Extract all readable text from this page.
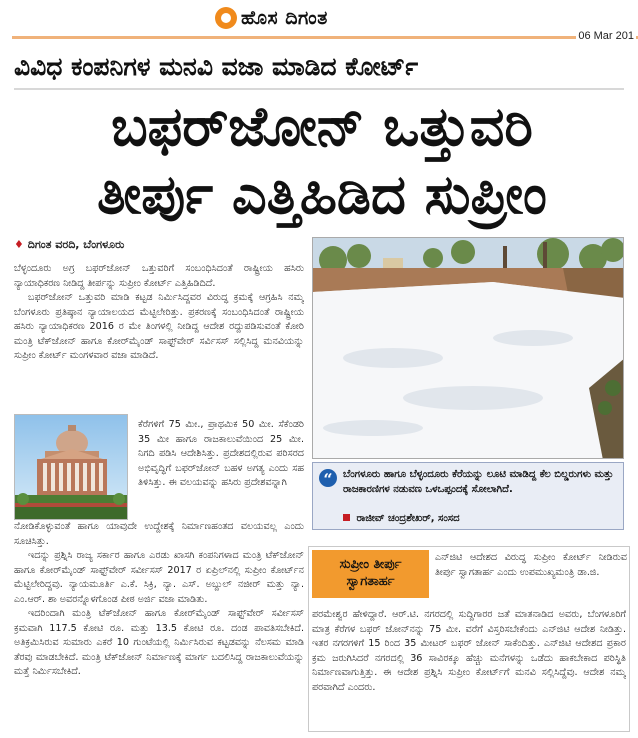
ಹೊಸ ದಿಗಂತ
06 Mar 201
ವಿವಿಧ ಕಂಪನಿಗಳ ಮನವಿ ವಜಾ ಮಾಡಿದ ಕೋರ್ಟ್
ಬಫರ್‌ಜೋನ್ ಒತ್ತುವರಿ
ತೀರ್ಪು ಎತ್ತಿಹಿಡಿದ ಸುಪ್ರೀಂ
♦ ದಿಗಂತ ವರದಿ, ಬೆಂಗಳೂರು

ಬೆಳ್ಳಂದೂರು ಅಗ್ರ ಬಫರ್‌ಜೋನ್ ಒತ್ತುವರಿಗೆ ಸಂಬಂಧಿಸಿದಂತೆ ರಾಷ್ಟ್ರೀಯ ಹಸಿರು ನ್ಯಾಯಾಧಿಕರಣ ನೀಡಿದ್ದ ತೀರ್ಪನ್ನು ಸುಪ್ರೀಂ ಕೋರ್ಟ್ ಎತ್ತಿಹಿಡಿದಿದೆ.

ಬಫರ್‌ಜೋನ್ ಒತ್ತುವರಿ ಮಾಡಿ ಕಟ್ಟಡ ನಿರ್ಮಿಸಿದ್ದವರ ವಿರುದ್ಧ ಕ್ರಮಕ್ಕೆ ಆಗ್ರಹಿಸಿ ನಮ್ಮ ಬೆಂಗಳೂರು ಪ್ರತಿಷ್ಠಾನ ನ್ಯಾಯಾಲಯದ ಮೆಟ್ಟಿಲೇರಿತ್ತು. ಪ್ರಕರಣಕ್ಕೆ ಸಂಬಂಧಿಸಿದಂತೆ ರಾಷ್ಟ್ರೀಯ ಹಸಿರು ನ್ಯಾಯಾಧಿಕರಣ 2016 ರ ಮೇ ತಿಂಗಳಲ್ಲಿ ನೀಡಿದ್ದ ಆದೇಶ ರದ್ದುಪಡಿಸುವಂತೆ ಕೋರಿ ಮಂತ್ರಿ ಟೆಕ್‌ಜೋನ್ ಹಾಗೂ ಕೋರ್‌ಮೈಂಡ್ ಸಾಫ್ಟ್‌ವೇರ್ ಸರ್ವಿಸಸ್ ಸಲ್ಲಿಸಿದ್ದ ಮನವಿಯನ್ನು ಸುಪ್ರೀಂ ಕೋರ್ಟ್ ಮಂಗಳವಾರ ವಜಾ ಮಾಡಿದೆ.

ಕೆರೆಗಳಿಗೆ 75 ಮೀ., ಪ್ರಾಥಮಿಕ 50 ಮೀ. ಸೆಕೆಂಡರಿ 35 ಮೀ ಹಾಗೂ ರಾಜಕಾಲುವೆಯಿಂದ 25 ಮೀ. ನಿಗದಿ ಪಡಿಸಿ ಆದೇಶಿಸಿತ್ತು. ಪ್ರದೇಶದಲ್ಲಿರುವ ಪರಿಸರದ ಅಭಿವೃದ್ಧಿಗೆ ಬಫರ್‌ಜೋನ್ ಬಹಳ ಅಗತ್ಯ ಎಂದು ಸಹ ತಿಳಿಸಿತ್ತು. ಈ ವಲಯವನ್ನು ಹಸಿರು ಪ್ರದೇಶವನ್ನಾಗಿ

ನೋಡಿಕೊಳ್ಳುವಂತೆ ಹಾಗೂ ಯಾವುದೇ ಉದ್ದೇಶಕ್ಕೆ ನಿರ್ಮಾಣಹಂತದ ವಲಯವಲ್ಲ ಎಂದು ಸೂಚಿಸಿತ್ತು.

ಇದನ್ನು ಪ್ರಶ್ನಿಸಿ ರಾಜ್ಯ ಸರ್ಕಾರ ಹಾಗೂ ಎರಡು ಖಾಸಗಿ ಕಂಪನಿಗಳಾದ ಮಂತ್ರಿ ಟೆಕ್‌ಜೋನ್ ಹಾಗೂ ಕೋರ್‌ಮೈಂಡ್ ಸಾಫ್ಟ್‌ವೇರ್ ಸರ್ವೀಸಸ್ 2017 ರ ಏಪ್ರಿಲ್‌ನಲ್ಲಿ ಸುಪ್ರೀಂ ಕೋರ್ಟ್‌ನ ಮೆಟ್ಟಿಲೇರಿದ್ದವು. ನ್ಯಾಯಮೂರ್ತಿ ಎ.ಕೆ. ಸಿಕ್ರಿ, ನ್ಯಾ. ಎಸ್. ಅಬ್ದುಲ್ ನಜೀರ್ ಮತ್ತು ನ್ಯಾ. ಎಂ.ಆರ್. ಶಾ ಅವರನ್ನೊಳಗೊಂಡ ಪೀಠ ಅರ್ಜಿ ವಜಾ ಮಾಡಿತು.

ಇದರಿಂದಾಗಿ ಮಂತ್ರಿ ಟೆಕ್‌ಜೋನ್ ಹಾಗೂ ಕೋರ್‌ಮೈಂಡ್ ಸಾಫ್ಟ್‌ವೇರ್ ಸರ್ವೀಸಸ್ ಕ್ರಮವಾಗಿ 117.5 ಕೋಟಿ ರೂ. ಮತ್ತು 13.5 ಕೋಟಿ ರೂ. ದಂಡ ಪಾವತಿಸಬೇಕಿದೆ. ಅತಿಕ್ರಮಿಸಿರುವ ಸುಮಾರು ಎಕರೆ 10 ಗುಂಟೆಯಲ್ಲಿ ನಿರ್ಮಿಸಿರುವ ಕಟ್ಟಡವನ್ನು ನೆಲಸಮ ಮಾಡಿ ತೆರವು ಮಾಡಬೇಕಿದೆ. ಮಂತ್ರಿ ಟೆಕ್‌ಜೋನ್ ನಿರ್ಮಾಣಕ್ಕೆ ಮಾರ್ಗ ಬದಲಿಸಿದ್ದ ರಾಜಕಾಲುವೆಯನ್ನು ಮತ್ತೆ ನಿರ್ಮಿಸಬೇಕಿದೆ.

“	ಬೆಂಗಳೂರು ಹಾಗೂ ಬೆಳ್ಳಂದೂರು ಕೆರೆಯನ್ನು ಲೂಟಿ ಮಾಡಿದ್ದ ಕೆಲ ಬಿಲ್ಡರುಗಳು ಮತ್ತು ರಾಜಕಾರಣಿಗಳ ನಡುವಣ ಒಳಒಪ್ಪಂದಕ್ಕೆ ಸೋಲಾಗಿದೆ.
ರಾಜೀವ್ ಚಂದ್ರಶೇಖರ್, ಸಂಸದ
ಸುಪ್ರೀಂ ತೀರ್ಪು ಸ್ವಾಗತಾರ್ಹ
ಎನ್‌ಜಿಟಿ ಆದೇಶದ ವಿರುದ್ಧ ಸುಪ್ರೀಂ ಕೋರ್ಟ್ ನೀಡಿರುವ ತೀರ್ಪು ಸ್ವಾಗತಾರ್ಹ ಎಂದು ಉಪಮುಖ್ಯಮಂತ್ರಿ ಡಾ.ಜಿ.
ಪರಮೇಶ್ವರ ಹೇಳಿದ್ದಾರೆ. ಆರ್.ಟಿ. ನಗರದಲ್ಲಿ ಸುದ್ದಿಗಾರರ ಜತೆ ಮಾತನಾಡಿದ ಅವರು, ಬೆಂಗಳೂರಿಗೆ ಮಾತ್ರ ಕೆರೆಗಳ ಬಫರ್ ಜೋನ್‌ನನ್ನು 75 ಮೀ. ವರೆಗೆ ವಿಸ್ತರಿಸಬೇಕೆಂದು ಎನ್‌ಜಿಟಿ ಆದೇಶ ನೀಡಿತ್ತು. ಇತರ ನಗರಗಳಿಗೆ 15 ರಿಂದ 35 ಮೀಟರ್ ಬಫರ್ ಜೋನ್ ಸಾಕೆಂದಿತ್ತು. ಎನ್‌ಜಿಟಿ ಆದೇಶದ ಪ್ರಕಾರ ಕ್ರಮ ಜರುಗಿಸಿದರೆ ನಗರದಲ್ಲಿ 36 ಸಾವಿರಕ್ಕೂ ಹೆಚ್ಚು ಮನೆಗಳನ್ನು ಒಡೆದು ಹಾಕಬೇಕಾದ ಪರಿಸ್ಥಿತಿ ನಿರ್ಮಾಣವಾಗುತ್ತಿತ್ತು. ಈ ಆದೇಶ ಪ್ರಶ್ನಿಸಿ ಸುಪ್ರೀಂ ಕೋರ್ಟ್‌ಗೆ ಮನವಿ ಸಲ್ಲಿಸಿದ್ದೆವು. ಆದೇಶ ನಮ್ಮ ಪರವಾಗಿದೆ ಎಂದರು.
